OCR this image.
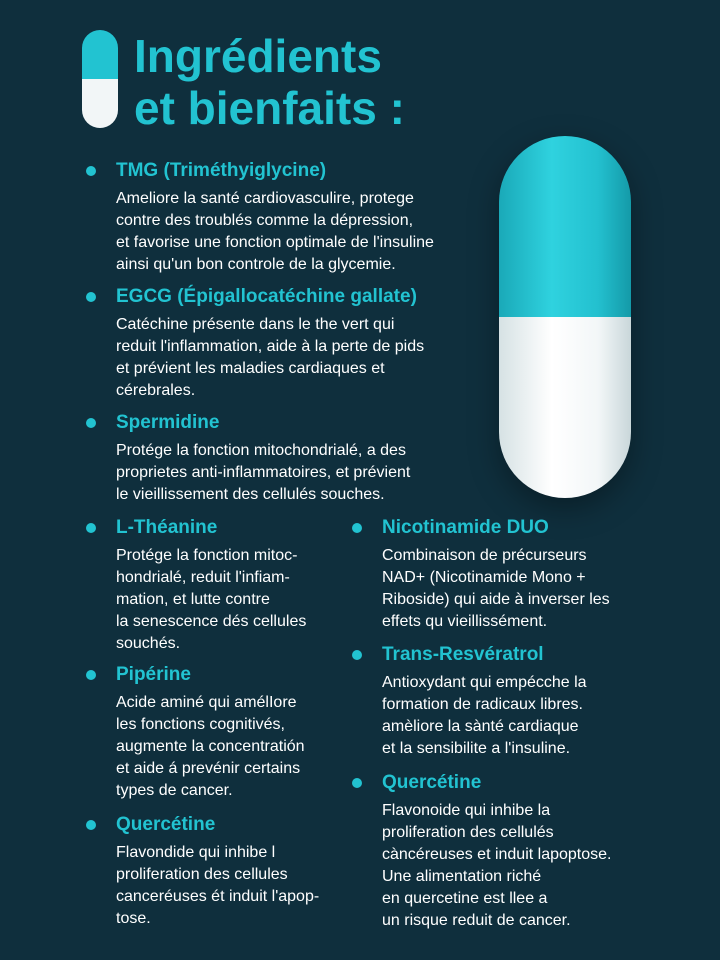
Ingrédients
et bienfaits :
TMG (Triméthyiglycine)

Ameliore la santé cardiovasculire, protege
contre des troublés comme la dépression,
et favorise une fonction optimale de l'insuline
ainsi qu'un bon controle de la glycemie.

EGCG (Épigallocatéchine gallate)

Catéchine présente dans le the vert qui
reduit l'inflammation, aide à la perte de pids
et prévient les maladies cardiaques et
cérebrales.

Spermidine

Protége la fonction mitochondrialé, a des
proprietes anti-inflammatoires, et prévient
le vieillissement des cellulés souches.

L-Théanine

Protége la fonction mitoc-
hondrialé, reduit l'infiam-
mation, et lutte contre
la senescence dés cellules
souchés.

Pipérine

Acide aminé qui amélIore
les fonctions cognitivés,
augmente la concentratión
et aide á prevénir certains
types de cancer.

Quercétine

Flavondide qui inhibe l
proliferation des cellules
canceréuses ét induit l'apop-
tose.

Nicotinamide DUO

Combinaison de précurseurs
NAD+ (Nicotinamide Mono +
Riboside) qui aide à inverser les
effets qu vieillissément.

Trans-Resvératrol

Antioxydant qui empécche la
formation de radicaux libres.
amèliore la sànté cardiaque
et la sensibilite a l'insuline.

Quercétine

Flavonoide qui inhibe la
proliferation des cellulés
càncéreuses et induit lapoptose.
Une alimentation riché
en quercetine est llee a
un risque reduit de cancer.
